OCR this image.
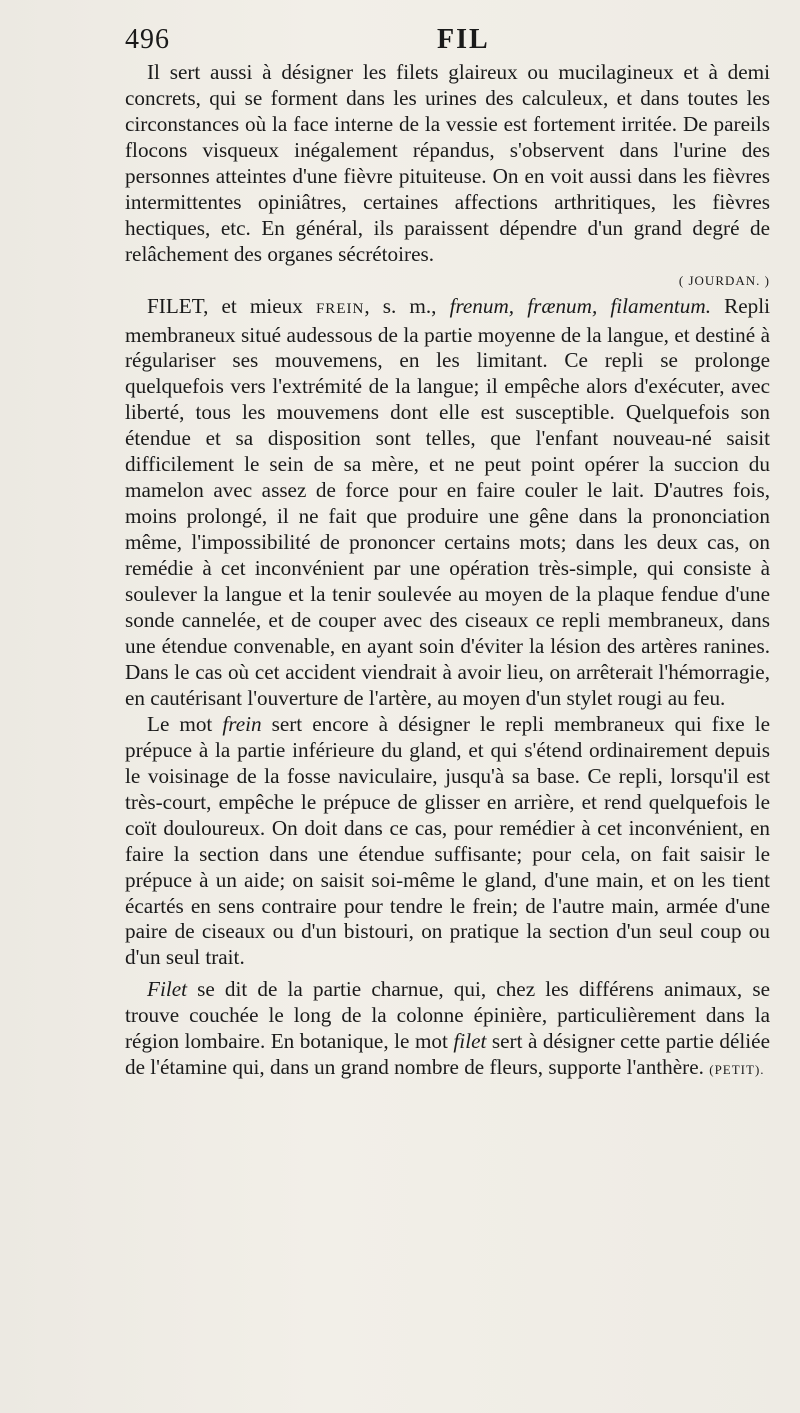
496	FIL

Il sert aussi à désigner les filets glaireux ou mucilagineux et à demi concrets, qui se forment dans les urines des calculeux, et dans toutes les circonstances où la face interne de la vessie est fortement irritée. De pareils flocons visqueux inégalement répandus, s'observent dans l'urine des personnes atteintes d'une fièvre pituiteuse. On en voit aussi dans les fièvres intermittentes opiniâtres, certaines affections arthritiques, les fièvres hectiques, etc. En général, ils paraissent dépendre d'un grand degré de relâchement des organes sécrétoires.

( JOURDAN. )

FILET, et mieux FREIN, s. m., frenum, frænum, filamentum. Repli membraneux situé audessous de la partie moyenne de la langue, et destiné à régulariser ses mouvemens, en les limitant. Ce repli se prolonge quelquefois vers l'extrémité de la langue; il empêche alors d'exécuter, avec liberté, tous les mouvemens dont elle est susceptible. Quelquefois son étendue et sa disposition sont telles, que l'enfant nouveau-né saisit difficilement le sein de sa mère, et ne peut point opérer la succion du mamelon avec assez de force pour en faire couler le lait. D'autres fois, moins prolongé, il ne fait que produire une gêne dans la prononciation même, l'impossibilité de prononcer certains mots; dans les deux cas, on remédie à cet inconvénient par une opération très-simple, qui consiste à soulever la langue et la tenir soulevée au moyen de la plaque fendue d'une sonde cannelée, et de couper avec des ciseaux ce repli membraneux, dans une étendue convenable, en ayant soin d'éviter la lésion des artères ranines. Dans le cas où cet accident viendrait à avoir lieu, on arrêterait l'hémorragie, en cautérisant l'ouverture de l'artère, au moyen d'un stylet rougi au feu.

Le mot frein sert encore à désigner le repli membraneux qui fixe le prépuce à la partie inférieure du gland, et qui s'étend ordinairement depuis le voisinage de la fosse naviculaire, jusqu'à sa base. Ce repli, lorsqu'il est très-court, empêche le prépuce de glisser en arrière, et rend quelquefois le coït douloureux. On doit dans ce cas, pour remédier à cet inconvénient, en faire la section dans une étendue suffisante; pour cela, on fait saisir le prépuce à un aide; on saisit soi-même le gland, d'une main, et on les tient écartés en sens contraire pour tendre le frein; de l'autre main, armée d'une paire de ciseaux ou d'un bistouri, on pratique la section d'un seul coup ou d'un seul trait.

Filet se dit de la partie charnue, qui, chez les différens animaux, se trouve couchée le long de la colonne épinière, particulièrement dans la région lombaire. En botanique, le mot filet sert à désigner cette partie déliée de l'étamine qui, dans un grand nombre de fleurs, supporte l'anthère. (PETIT).
